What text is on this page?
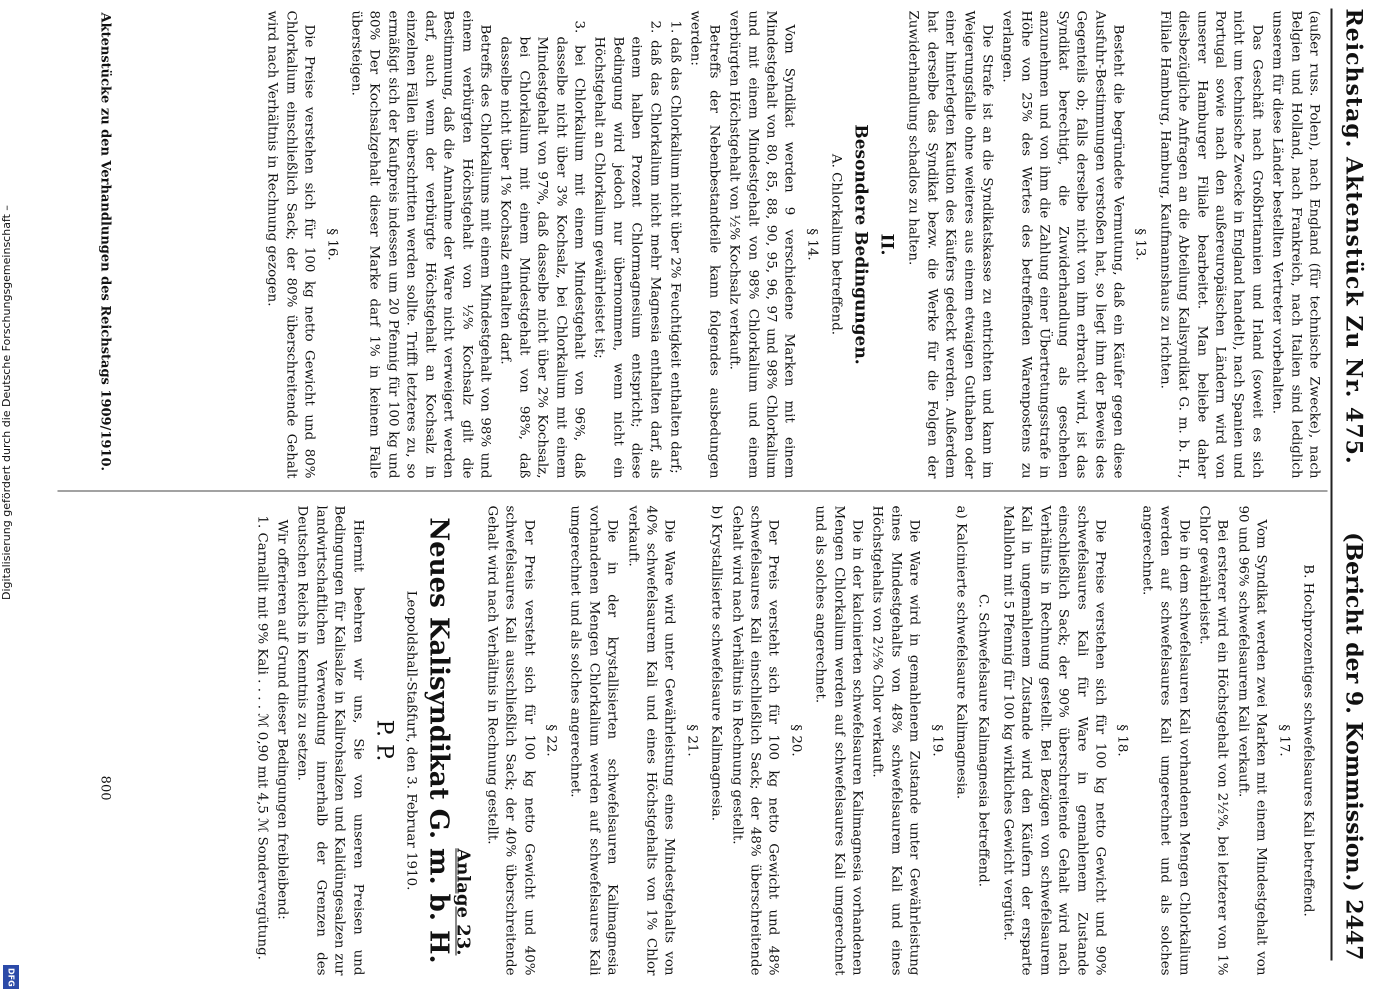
Reichstag. Aktenstück Zu Nr. 475.
(Bericht der 9. Kommission.) 2447

(außer russ. Polen), nach England (für technische Zwecke), nach Belgien und Holland, nach Frankreich, nach Italien sind lediglich unserem für diese Länder bestellten Vertreter vorbehalten.

Das Geschäft nach Großbritannien und Irland (soweit es sich nicht um technische Zwecke in England handelt), nach Spanien und Portugal sowie nach den außereuropäischen Ländern wird von unserer Hamburger Filiale bearbeitet. Man beliebe daher diesbezügliche Anfragen an die Abteilung Kalisyndikat G. m. b. H., Filiale Hamburg, Hamburg, Kaufmannshaus zu richten.

§ 13.

Besteht die begründete Vermutung, daß ein Käufer gegen diese Ausfuhr-Bestimmungen verstoßen hat, so liegt ihm der Beweis des Gegenteils ob; falls derselbe nicht von ihm erbracht wird, ist das Syndikat berechtigt, die Zuwiderhandlung als geschehen anzunehmen und von ihm die Zahlung einer Übertretungsstrafe in Höhe von 25% des Wertes des betreffenden Warenpostens zu verlangen.

Die Strafe ist an die Syndikatskasse zu entrichten und kann im Weigerungsfalle ohne weiteres aus einem etwaigen Guthaben oder einer hinterlegten Kaution des Käufers gedeckt werden. Außerdem hat derselbe das Syndikat bezw. die Werke für die Folgen der Zuwiderhandlung schadlos zu halten.

II.

Besondere Bedingungen.

A. Chlorkalium betreffend.

§ 14.

Vom Syndikat werden 9 verschiedene Marken mit einem Mindestgehalt von 80, 85, 88, 90, 95, 96, 97 und 98% Chlorkalium und mit einem Mindestgehalt von 98% Chlorkalium und einem verbürgten Höchstgehalt von ½% Kochsalz verkauft.

Betreffs der Nebenbestandteile kann folgendes ausbedungen werden:

1. daß das Chlorkalium nicht über 2% Feuchtigkeit enthalten darf;

2. daß das Chlorkalium nicht mehr Magnesia enthalten darf, als einem halben Prozent Chlormagnesium entspricht; diese Bedingung wird jedoch nur übernommen, wenn nicht ein Höchstgehalt an Chlorkalium gewährleistet ist;

3. bei Chlorkalium mit einem Mindestgehalt von 96%, daß dasselbe nicht über 3% Kochsalz, bei Chlorkalium mit einem Mindestgehalt von 97%, daß dasselbe nicht über 2% Kochsalz, bei Chlorkalium mit einem Mindestgehalt von 98%, daß dasselbe nicht über 1% Kochsalz enthalten darf.

Betreffs des Chlorkaliums mit einem Mindestgehalt von 98% und einem verbürgten Höchstgehalt von ½% Kochsalz gilt die Bestimmung, daß die Annahme der Ware nicht verweigert werden darf, auch wenn der verbürgte Höchstgehalt an Kochsalz in einzelnen Fällen überschritten werden sollte. Trifft letzteres zu, so ermäßigt sich der Kaufpreis indessen um 20 Pfennig für 100 kg und 80% Der Kochsalzgehalt dieser Marke darf 1% in keinem Falle übersteigen.

§ 16.

Die Preise verstehen sich für 100 kg netto Gewicht und 80% Chlorkalium einschließlich Sack; der 80% überschreitende Gehalt wird nach Verhältnis in Rechnung gezogen.

B. Hochprozentiges schwefelsaures Kali betreffend.

§ 17.

Vom Syndikat werden zwei Marken mit einem Mindestgehalt von 90 und 96% schwefelsaurem Kali verkauft.

Bei ersterer wird ein Höchstgehalt von 2½%, bei letzterer von 1% Chlor gewährleistet.

Die in dem schwefelsauren Kali vorhandenen Mengen Chlorkalium werden auf schwefelsaures Kali umgerechnet und als solches angerechnet.

§ 18.

Die Preise verstehen sich für 100 kg netto Gewicht und 90% schwefelsaures Kali für Ware in gemahlenem Zustande einschließlich Sack; der 90% überschreitende Gehalt wird nach Verhältnis in Rechnung gestellt. Bei Bezügen von schwefelsaurem Kali in ungemahlenem Zustande wird den Käufern der ersparte Mahllohn mit 5 Pfennig für 100 kg wirkliches Gewicht vergütet.

C. Schwefelsaure Kalimagnesia betreffend.

a) Kalcinierte schwefelsaure Kalimagnesia.

§ 19.

Die Ware wird in gemahlenem Zustande unter Gewährleistung eines Mindestgehalts von 48% schwefelsaurem Kali und eines Höchstgehalts von 2½% Chlor verkauft.

Die in der kalcinierten schwefelsauren Kalimagnesia vorhandenen Mengen Chlorkalium werden auf schwefelsaures Kali umgerechnet und als solches angerechnet.

§ 20.

Der Preis versteht sich für 100 kg netto Gewicht und 48% schwefelsaures Kali einschließlich Sack; der 48% überschreitende Gehalt wird nach Verhältnis in Rechnung gestellt.

b) Krystallisierte schwefelsaure Kalimagnesia.

§ 21.

Die Ware wird unter Gewährleistung eines Mindestgehalts von 40% schwefelsaurem Kali und eines Höchstgehalts von 1% Chlor verkauft.

Die in der krystallisierten schwefelsauren Kalimagnesia vorhandenen Mengen Chlorkalium werden auf schwefelsaures Kali umgerechnet und als solches angerechnet.

§ 22.

Der Preis versteht sich für 100 kg netto Gewicht und 40% schwefelsaures Kali ausschließlich Sack; der 40% überschreitende Gehalt wird nach Verhältnis in Rechnung gestellt.

Anlage 23.

Neues Kalisyndikat G. m. b. H.

Leopoldshall-Staßfurt, den 3. Februar 1910.

P. P.

Hiermit beehren wir uns, Sie von unseren Preisen und Bedingungen für Kalisalze in Kalirohsalzen und Kalidüngesalzen zur landwirtschaftlichen Verwendung innerhalb der Grenzen des Deutschen Reichs in Kenntnis zu setzen.

Wir offerieren auf Grund dieser Bedingungen freibleibend:

1. Carnallit mit 9% Kali . . . . ℳ 0,90 mit 4,5 ℳ Sondervergütung.

Aktenstücke zu den Verhandlungen des Reichstags 1909/1910.
800
Digitalisierung gefördert durch die Deutsche Forschungsgemeinschaft –
DFG
